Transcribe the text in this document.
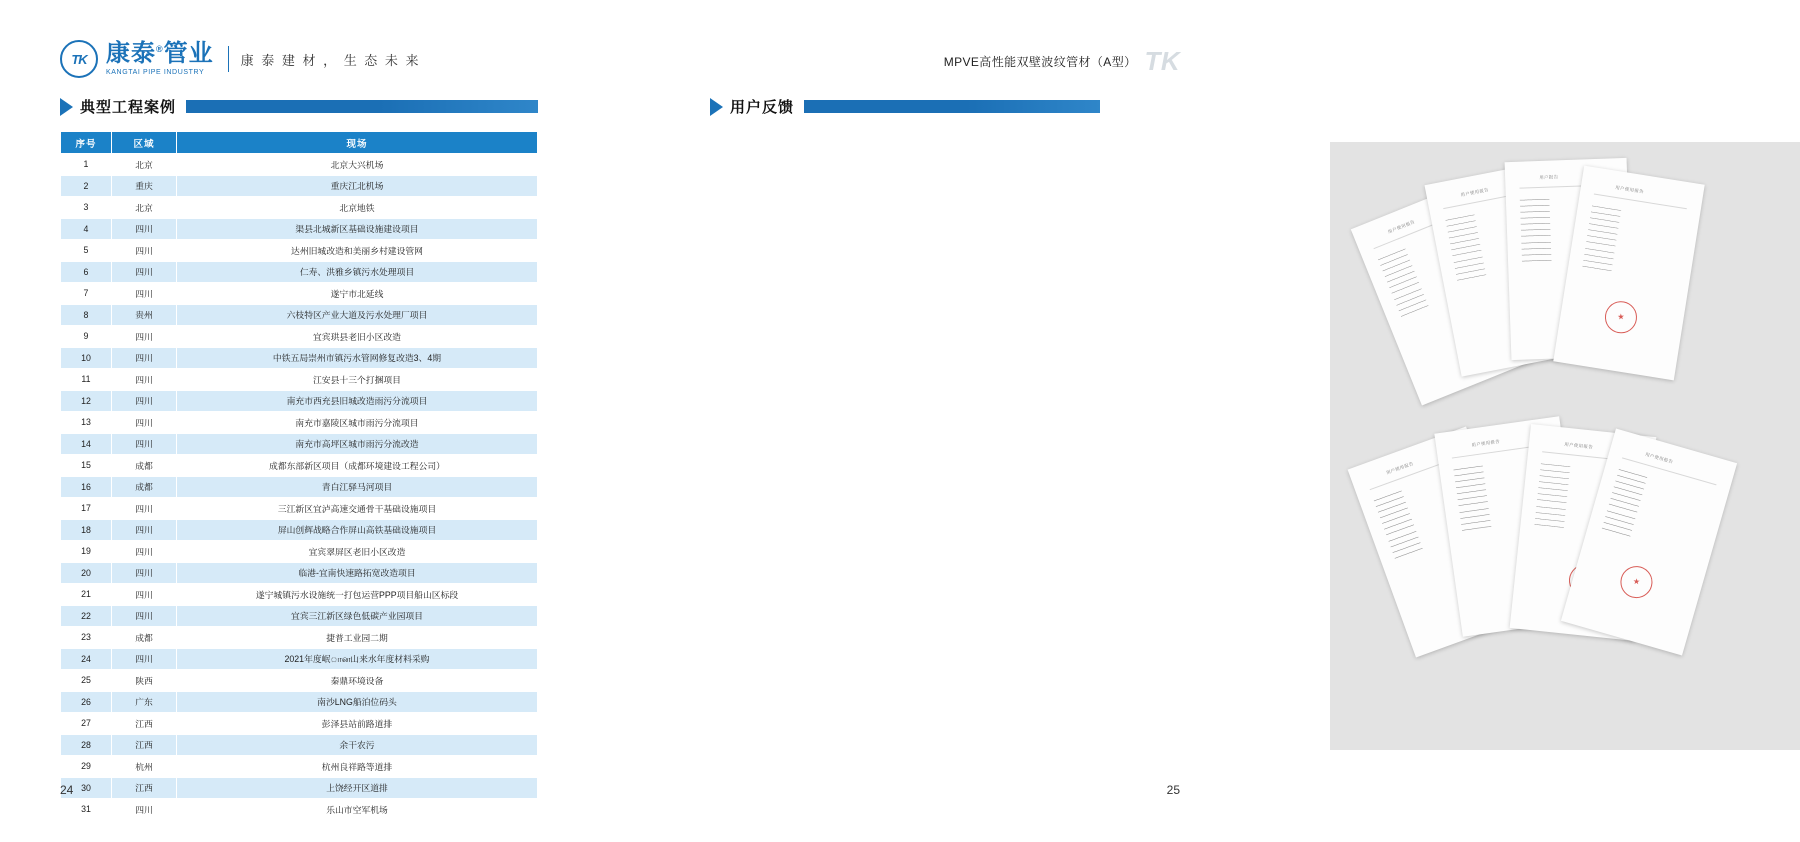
TK 康泰®管业
KANGTAI PIPE INDUSTRY
康 泰 建 材 ， 生 态 未 来
典型工程案例
序号	区域	现场
1	北京	北京大兴机场
2	重庆	重庆江北机场
3	北京	北京地铁
4	四川	渠县北城新区基础设施建设项目
5	四川	达州旧城改造和美丽乡村建设管网
6	四川	仁寿、洪雅乡镇污水处理项目
7	四川	遂宁市北延线
8	贵州	六枝特区产业大道及污水处理厂项目
9	四川	宜宾珙县老旧小区改造
10	四川	中铁五局崇州市镇污水管网修复改造3、4期
11	四川	江安县十三个打捆项目
12	四川	南充市西充县旧城改造雨污分流项目
13	四川	南充市嘉陵区城市雨污分流项目
14	四川	南充市高坪区城市雨污分流改造
15	成都	成都东部新区项目（成都环境建设工程公司）
16	成都	青白江驿马河项目
17	四川	三江新区宜泸高速交通骨干基础设施项目
18	四川	屏山创辉战略合作屏山高铁基础设施项目
19	四川	宜宾翠屏区老旧小区改造
20	四川	临港-宜南快速路拓宽改造项目
21	四川	遂宁城镇污水设施统一打包运营PPP项目船山区标段
22	四川	宜宾三江新区绿色低碳产业园项目
23	成都	捷普工业园二期
24	四川	2021年度岷ான山来水年度材料采购
25	陕西	秦鼎环境设备
26	广东	南沙LNG船泊位码头
27	江西	彭泽县站前路道排
28	江西	余干农污
29	杭州	杭州良祥路等道排
30	江西	上饶经开区道排
31	四川	乐山市空军机场
24
MPVE高性能双壁波纹管材（A型） TK
用户反馈
用户使用报告
▁▁▁▁▁▁▁▁▁▁▁▁
▁▁▁▁▁▁▁▁▁▁▁▁
▁▁▁▁▁▁▁▁▁▁▁▁
▁▁▁▁▁▁▁▁▁▁▁▁
▁▁▁▁▁▁▁▁▁▁▁▁
▁▁▁▁▁▁▁▁▁▁▁▁
▁▁▁▁▁▁▁▁▁▁▁▁
▁▁▁▁▁▁▁▁▁▁▁▁
▁▁▁▁▁▁▁▁▁▁▁▁
▁▁▁▁▁▁▁▁▁▁▁▁
▁▁▁▁▁▁▁▁▁▁▁▁
用户使用报告
▁▁▁▁▁▁▁▁▁▁▁▁
▁▁▁▁▁▁▁▁▁▁▁▁
▁▁▁▁▁▁▁▁▁▁▁▁
▁▁▁▁▁▁▁▁▁▁▁▁
▁▁▁▁▁▁▁▁▁▁▁▁
▁▁▁▁▁▁▁▁▁▁▁▁
▁▁▁▁▁▁▁▁▁▁▁▁
▁▁▁▁▁▁▁▁▁▁▁▁
▁▁▁▁▁▁▁▁▁▁▁▁
▁▁▁▁▁▁▁▁▁▁▁▁
▁▁▁▁▁▁▁▁▁▁▁▁
用户报告
▁▁▁▁▁▁▁▁▁▁▁▁
▁▁▁▁▁▁▁▁▁▁▁▁
▁▁▁▁▁▁▁▁▁▁▁▁
▁▁▁▁▁▁▁▁▁▁▁▁
▁▁▁▁▁▁▁▁▁▁▁▁
▁▁▁▁▁▁▁▁▁▁▁▁
▁▁▁▁▁▁▁▁▁▁▁▁
▁▁▁▁▁▁▁▁▁▁▁▁
▁▁▁▁▁▁▁▁▁▁▁▁
▁▁▁▁▁▁▁▁▁▁▁▁
▁▁▁▁▁▁▁▁▁▁▁▁
用户使用报告
▁▁▁▁▁▁▁▁▁▁▁▁
▁▁▁▁▁▁▁▁▁▁▁▁
▁▁▁▁▁▁▁▁▁▁▁▁
▁▁▁▁▁▁▁▁▁▁▁▁
▁▁▁▁▁▁▁▁▁▁▁▁
▁▁▁▁▁▁▁▁▁▁▁▁
▁▁▁▁▁▁▁▁▁▁▁▁
▁▁▁▁▁▁▁▁▁▁▁▁
▁▁▁▁▁▁▁▁▁▁▁▁
▁▁▁▁▁▁▁▁▁▁▁▁
▁▁▁▁▁▁▁▁▁▁▁▁
★
用户使用报告
▁▁▁▁▁▁▁▁▁▁▁▁
▁▁▁▁▁▁▁▁▁▁▁▁
▁▁▁▁▁▁▁▁▁▁▁▁
▁▁▁▁▁▁▁▁▁▁▁▁
▁▁▁▁▁▁▁▁▁▁▁▁
▁▁▁▁▁▁▁▁▁▁▁▁
▁▁▁▁▁▁▁▁▁▁▁▁
▁▁▁▁▁▁▁▁▁▁▁▁
▁▁▁▁▁▁▁▁▁▁▁▁
▁▁▁▁▁▁▁▁▁▁▁▁
▁▁▁▁▁▁▁▁▁▁▁▁
用户使用报告
▁▁▁▁▁▁▁▁▁▁▁▁
▁▁▁▁▁▁▁▁▁▁▁▁
▁▁▁▁▁▁▁▁▁▁▁▁
▁▁▁▁▁▁▁▁▁▁▁▁
▁▁▁▁▁▁▁▁▁▁▁▁
▁▁▁▁▁▁▁▁▁▁▁▁
▁▁▁▁▁▁▁▁▁▁▁▁
▁▁▁▁▁▁▁▁▁▁▁▁
▁▁▁▁▁▁▁▁▁▁▁▁
▁▁▁▁▁▁▁▁▁▁▁▁
▁▁▁▁▁▁▁▁▁▁▁▁
用户使用报告
▁▁▁▁▁▁▁▁▁▁▁▁
▁▁▁▁▁▁▁▁▁▁▁▁
▁▁▁▁▁▁▁▁▁▁▁▁
▁▁▁▁▁▁▁▁▁▁▁▁
▁▁▁▁▁▁▁▁▁▁▁▁
▁▁▁▁▁▁▁▁▁▁▁▁
▁▁▁▁▁▁▁▁▁▁▁▁
▁▁▁▁▁▁▁▁▁▁▁▁
▁▁▁▁▁▁▁▁▁▁▁▁
▁▁▁▁▁▁▁▁▁▁▁▁
▁▁▁▁▁▁▁▁▁▁▁▁
用户使用报告
▁▁▁▁▁▁▁▁▁▁▁▁
▁▁▁▁▁▁▁▁▁▁▁▁
▁▁▁▁▁▁▁▁▁▁▁▁
▁▁▁▁▁▁▁▁▁▁▁▁
▁▁▁▁▁▁▁▁▁▁▁▁
▁▁▁▁▁▁▁▁▁▁▁▁
▁▁▁▁▁▁▁▁▁▁▁▁
▁▁▁▁▁▁▁▁▁▁▁▁
▁▁▁▁▁▁▁▁▁▁▁▁
▁▁▁▁▁▁▁▁▁▁▁▁
▁▁▁▁▁▁▁▁▁▁▁▁
★
25
